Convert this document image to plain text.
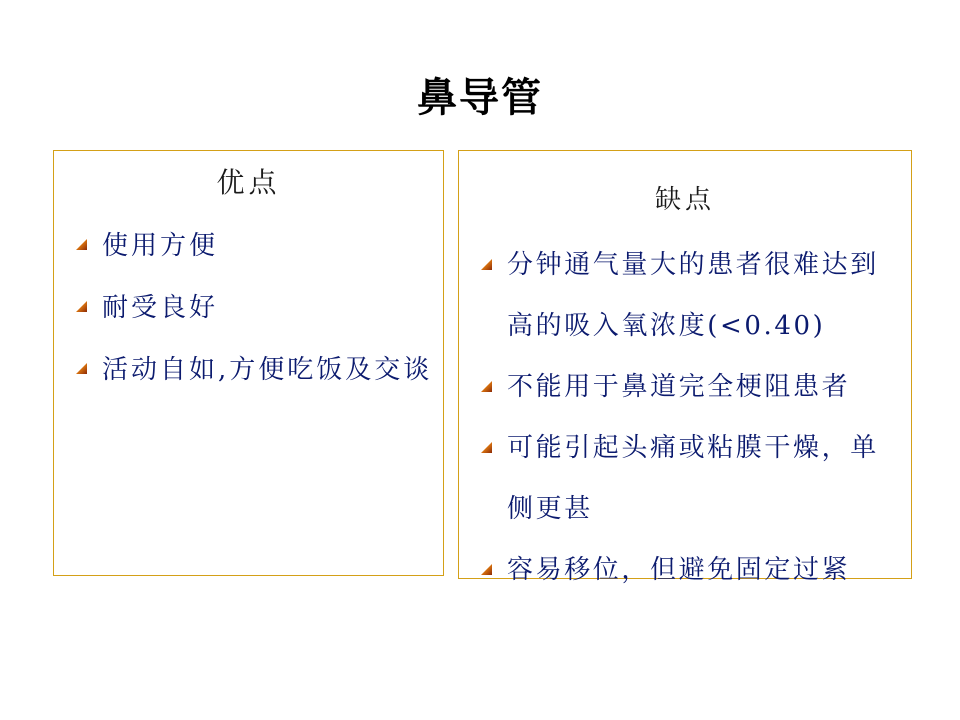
鼻导管
优点
使用方便
耐受良好
活动自如,方便吃饭及交谈
缺点
分钟通气量大的患者很难达到高的吸入氧浓度(<0.40)
不能用于鼻道完全梗阻患者
可能引起头痛或粘膜干燥，单侧更甚
容易移位，但避免固定过紧
